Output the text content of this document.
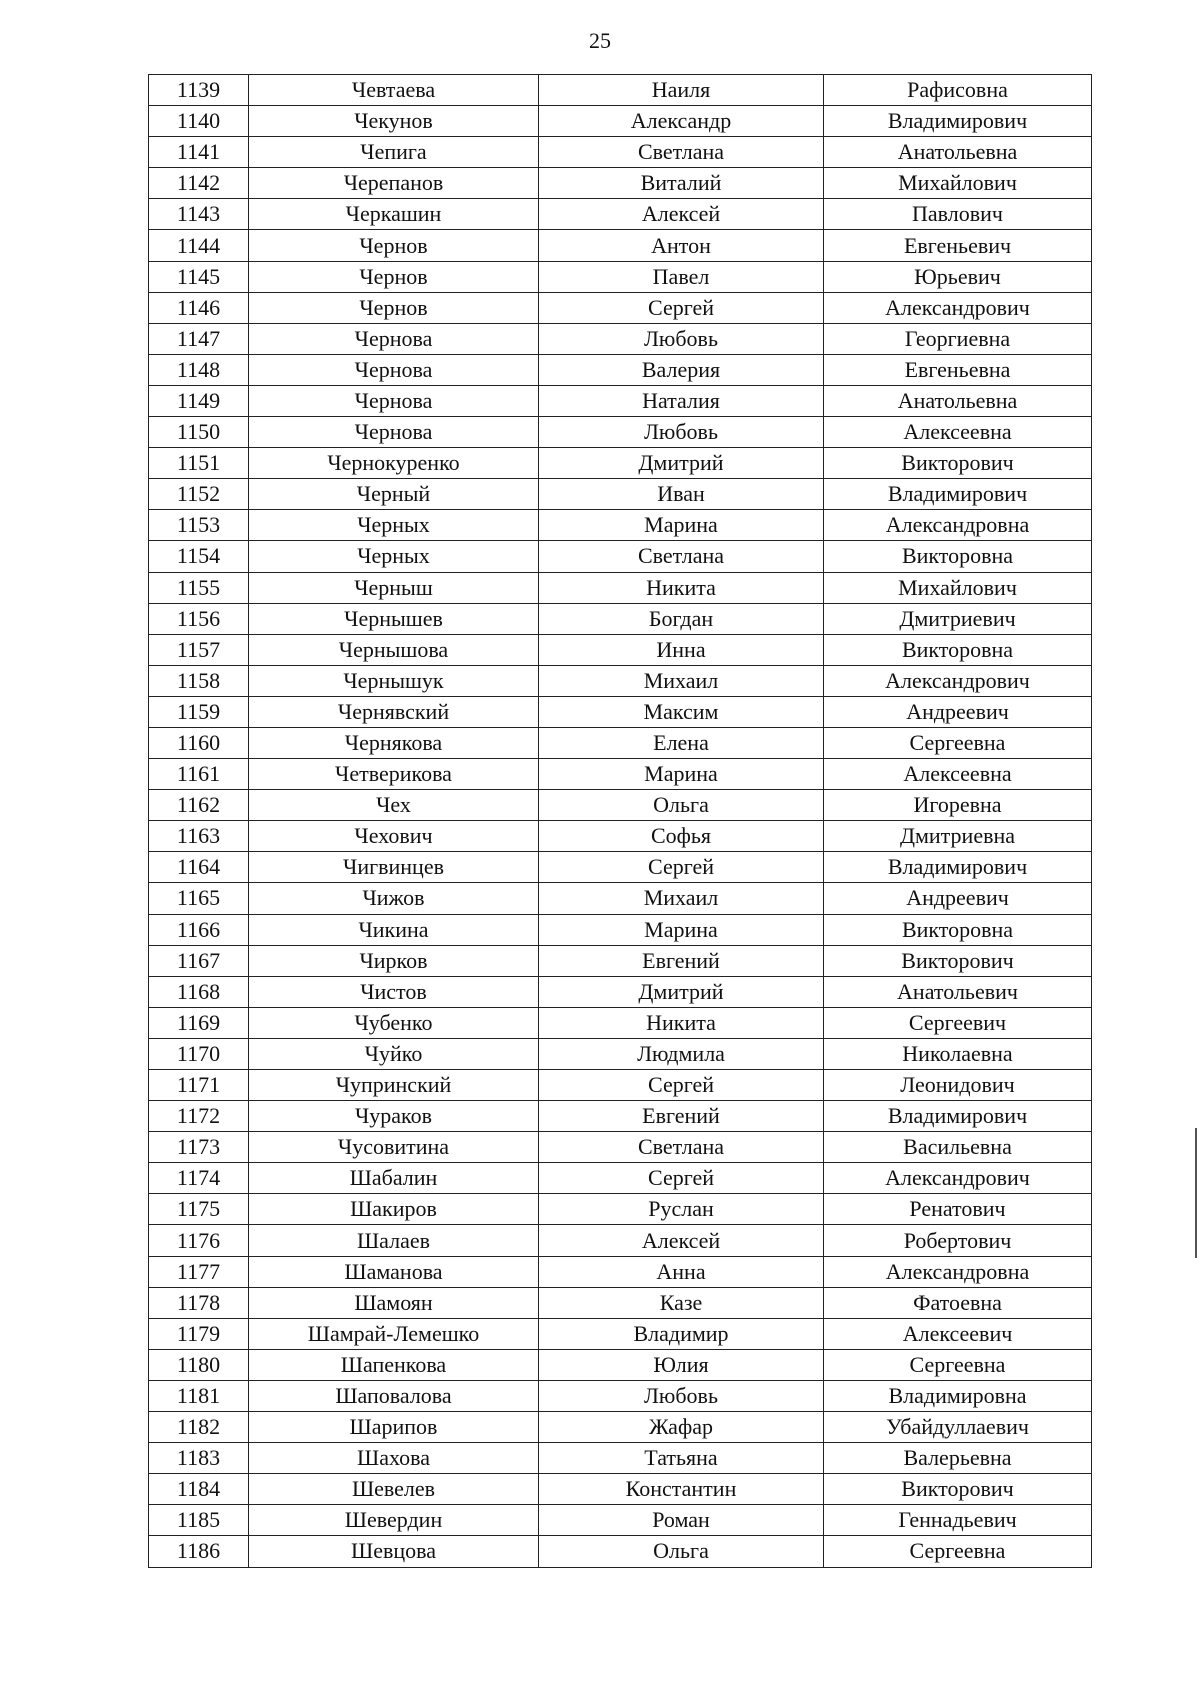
25
1139	Чевтаева	Наиля	Рафисовна
1140	Чекунов	Александр	Владимирович
1141	Чепига	Светлана	Анатольевна
1142	Черепанов	Виталий	Михайлович
1143	Черкашин	Алексей	Павлович
1144	Чернов	Антон	Евгеньевич
1145	Чернов	Павел	Юрьевич
1146	Чернов	Сергей	Александрович
1147	Чернова	Любовь	Георгиевна
1148	Чернова	Валерия	Евгеньевна
1149	Чернова	Наталия	Анатольевна
1150	Чернова	Любовь	Алексеевна
1151	Чернокуренко	Дмитрий	Викторович
1152	Черный	Иван	Владимирович
1153	Черных	Марина	Александровна
1154	Черных	Светлана	Викторовна
1155	Черныш	Никита	Михайлович
1156	Чернышев	Богдан	Дмитриевич
1157	Чернышова	Инна	Викторовна
1158	Чернышук	Михаил	Александрович
1159	Чернявский	Максим	Андреевич
1160	Чернякова	Елена	Сергеевна
1161	Четверикова	Марина	Алексеевна
1162	Чех	Ольга	Игоревна
1163	Чехович	Софья	Дмитриевна
1164	Чигвинцев	Сергей	Владимирович
1165	Чижов	Михаил	Андреевич
1166	Чикина	Марина	Викторовна
1167	Чирков	Евгений	Викторович
1168	Чистов	Дмитрий	Анатольевич
1169	Чубенко	Никита	Сергеевич
1170	Чуйко	Людмила	Николаевна
1171	Чупринский	Сергей	Леонидович
1172	Чураков	Евгений	Владимирович
1173	Чусовитина	Светлана	Васильевна
1174	Шабалин	Сергей	Александрович
1175	Шакиров	Руслан	Ренатович
1176	Шалаев	Алексей	Робертович
1177	Шаманова	Анна	Александровна
1178	Шамоян	Казе	Фатоевна
1179	Шамрай-Лемешко	Владимир	Алексеевич
1180	Шапенкова	Юлия	Сергеевна
1181	Шаповалова	Любовь	Владимировна
1182	Шарипов	Жафар	Убайдуллаевич
1183	Шахова	Татьяна	Валерьевна
1184	Шевелев	Константин	Викторович
1185	Шевердин	Роман	Геннадьевич
1186	Шевцова	Ольга	Сергеевна
